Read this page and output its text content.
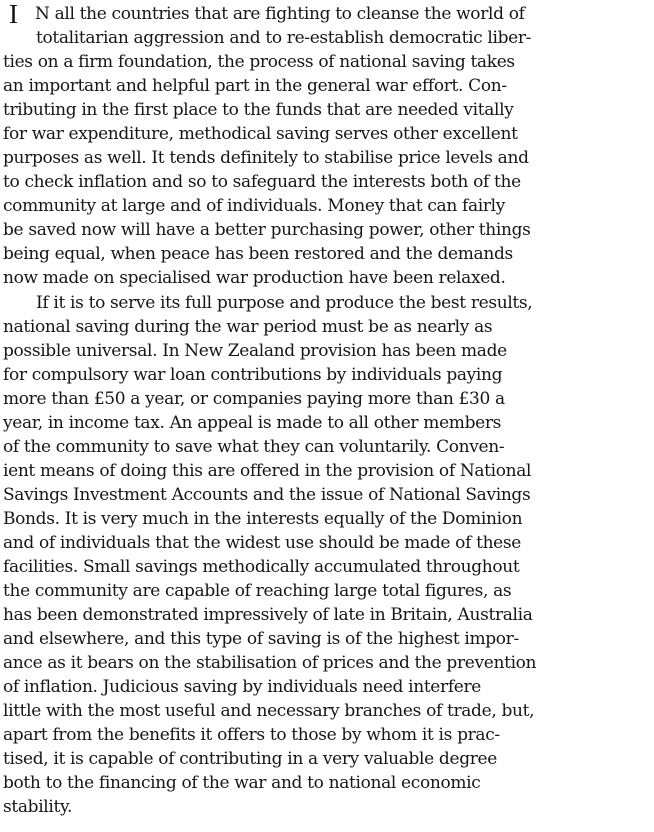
I	N all the countries that are fighting to cleanse the world of
totalitarian aggression and to re-establish democratic liber-
ties on a firm foundation, the process of national saving takes
an important and helpful part in the general war effort. Con-
tributing in the first place to the funds that are needed vitally
for war expenditure, methodical saving serves other excellent
purposes as well. It tends definitely to stabilise price levels and
to check inflation and so to safeguard the interests both of the
community at large and of individuals. Money that can fairly
be saved now will have a better purchasing power, other things
being equal, when peace has been restored and the demands
now made on specialised war production have been relaxed.
If it is to serve its full purpose and produce the best results,
national saving during the war period must be as nearly as
possible universal. In New Zealand provision has been made
for compulsory war loan contributions by individuals paying
more than £50 a year, or companies paying more than £30 a
year, in income tax. An appeal is made to all other members
of the community to save what they can voluntarily. Conven-
ient means of doing this are offered in the provision of National
Savings Investment Accounts and the issue of National Savings
Bonds. It is very much in the interests equally of the Dominion
and of individuals that the widest use should be made of these
facilities. Small savings methodically accumulated throughout
the community are capable of reaching large total figures, as
has been demonstrated impressively of late in Britain, Australia
and elsewhere, and this type of saving is of the highest impor-
ance as it bears on the stabilisation of prices and the prevention
of inflation. Judicious saving by individuals need interfere
little with the most useful and necessary branches of trade, but,
apart from the benefits it offers to those by whom it is prac-
tised, it is capable of contributing in a very valuable degree
both to the financing of the war and to national economic
stability.
